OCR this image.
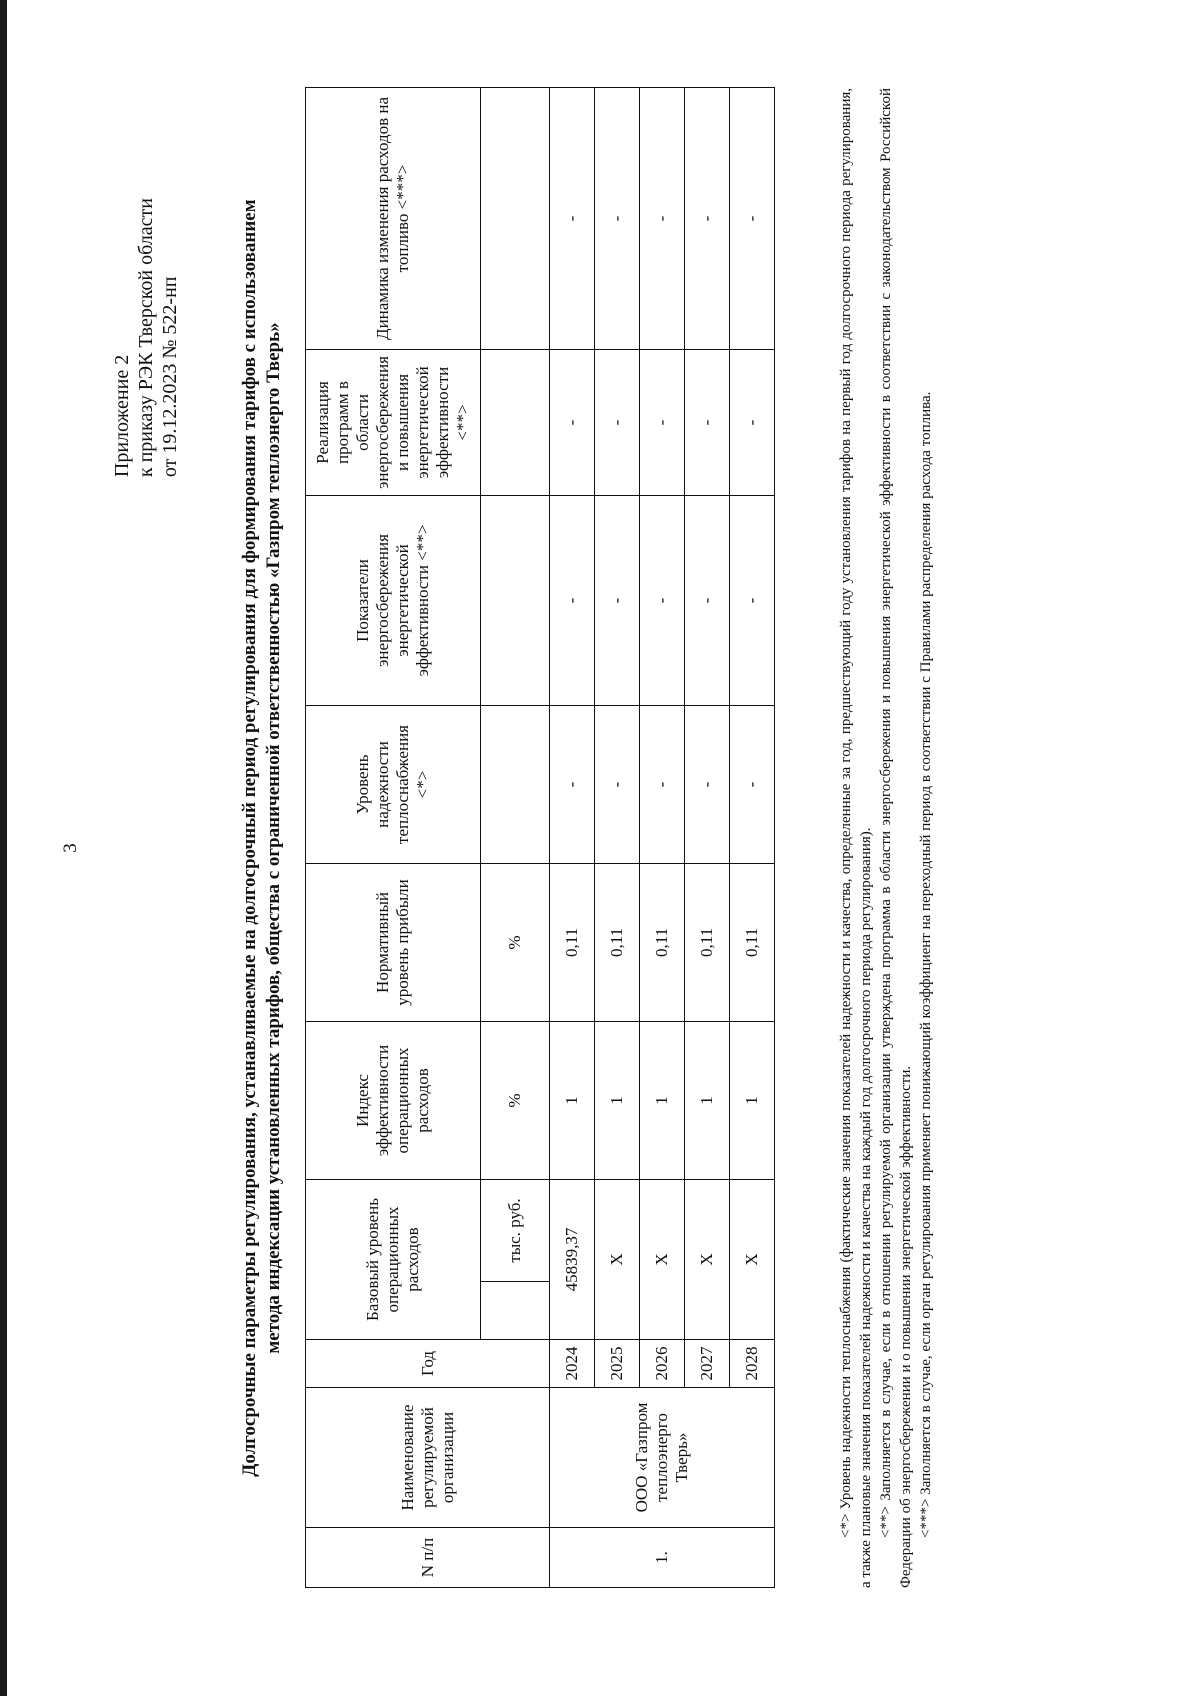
3
Приложение 2 к приказу РЭК Тверской области от 19.12.2023 № 522-нп	Долгосрочные параметры регулирования, устанавливаемые на долгосрочный период регулирования для формирования тарифов с использованием метода индексации установленных тарифов, общества с ограниченной ответственностью «Газпром теплоэнерго Тверь»
N п/п	Наименование регулируемой организации	Год	Базовый уровень операционных расходов		Индекс эффективности операционных расходов	Нормативный уровень прибыли	Уровень надежности теплоснабжения <*>	Показатели энергосбережения энергетической эффективности <**>	Реализация программ в области энергосбережения и повышения энергетической эффективности <**>	Динамика изменения расходов на топливо <***>
				тыс. руб.	%	%				
1.	ООО «Газпром теплоэнерго Тверь»	2024	45839,37		1	0,11	-	-	-	-
		2025	X		1	0,11	-	-	-	-
		2026	X		1	0,11	-	-	-	-
		2027	X		1	0,11	-	-	-	-
		2028	X		1	0,11	-	-	-	-	<*> Уровень надежности теплоснабжения (фактические значения показателей надежности и качества, определенные за год, предшествующий году установления тарифов на первый год долгосрочного периода регулирования, а также плановые значения показателей надежности и качества на каждый год долгосрочного периода регулирования). <**> Заполняется в случае, если в отношении регулируемой организации утверждена программа в области энергосбережения и повышения энергетической эффективности в соответствии с законодательством Российской Федерации об энергосбережении и о повышении энергетической эффективности. <***> Заполняется в случае, если орган регулирования применяет понижающий коэффициент на переходный период в соответствии с Правилами распределения расхода топлива.
